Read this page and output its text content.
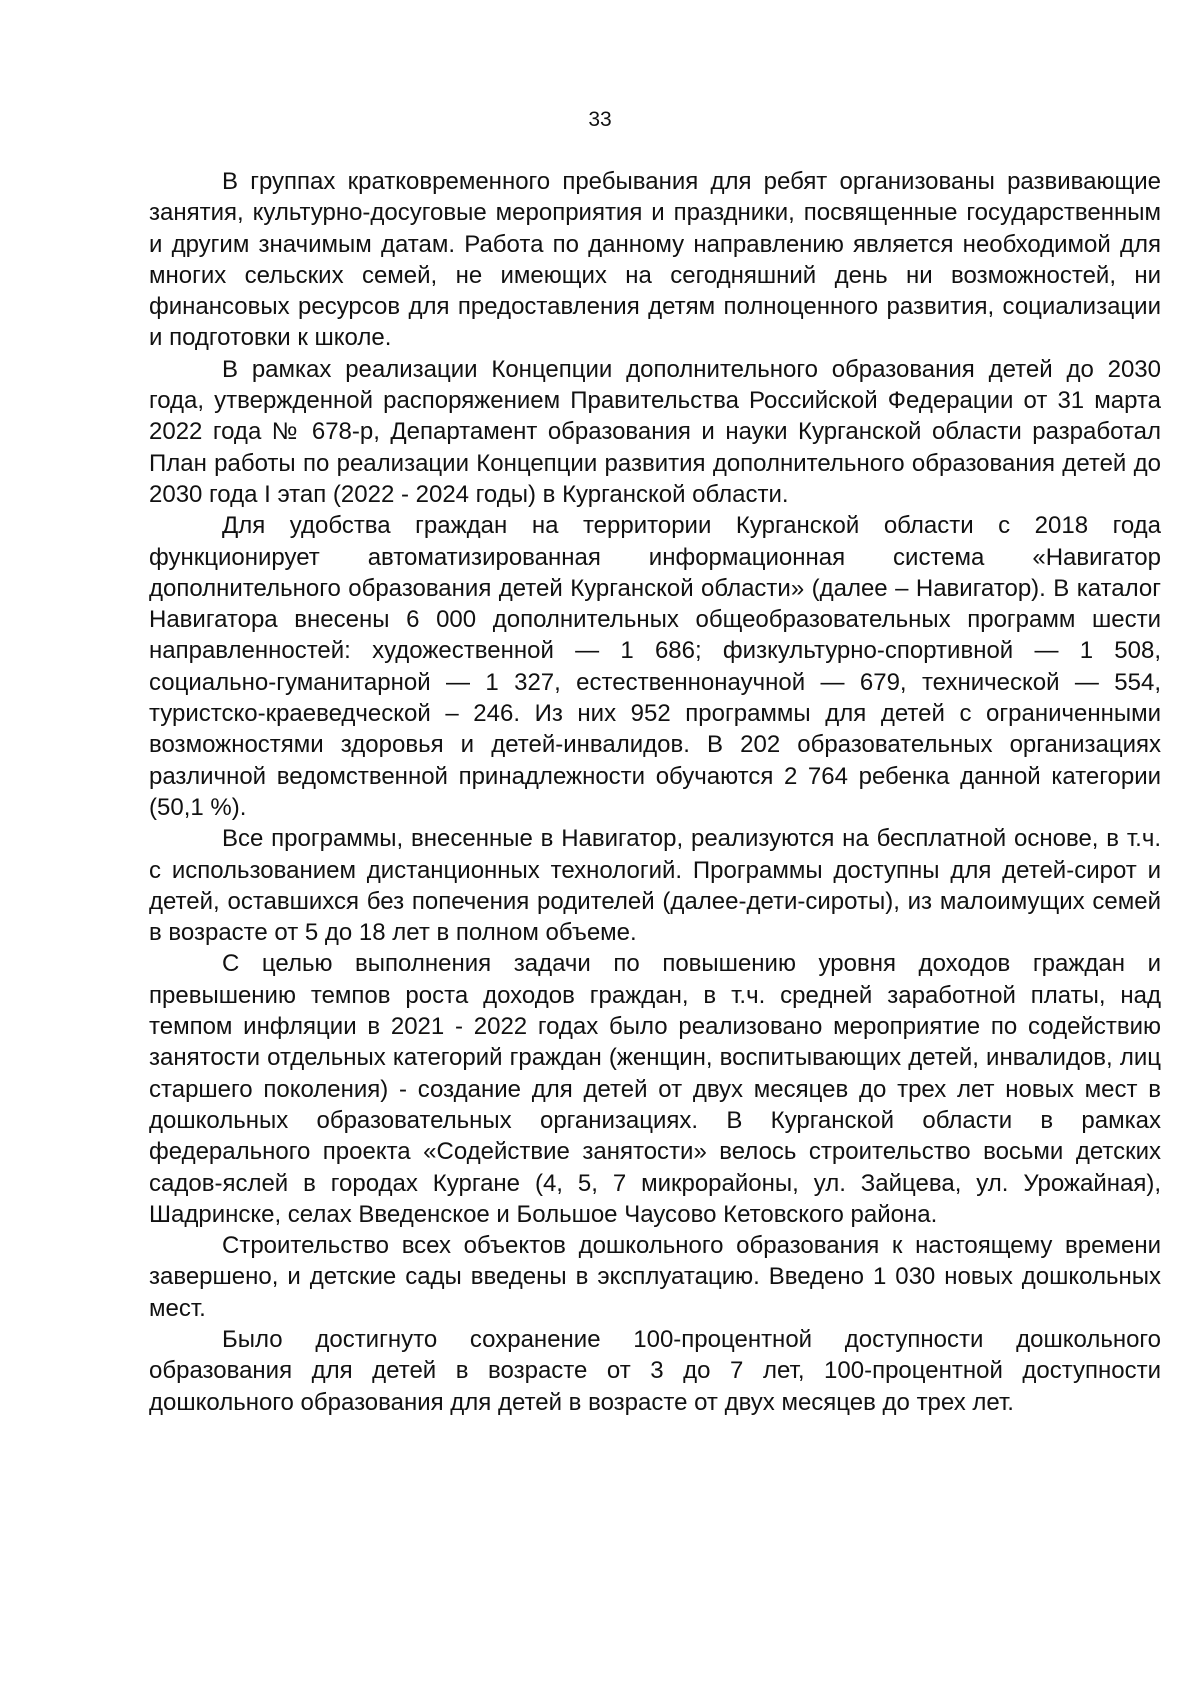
33

В группах кратковременного пребывания для ребят организованы развивающие занятия, культурно-досуговые мероприятия и праздники, посвященные государственным и другим значимым датам. Работа по данному направлению является необходимой для многих сельских семей, не имеющих на сегодняшний день ни возможностей, ни финансовых ресурсов для предоставления детям полноценного развития, социализации и подготовки к школе.

В рамках реализации Концепции дополнительного образования детей до 2030 года, утвержденной распоряжением Правительства Российской Федерации от 31 марта 2022 года № 678-р, Департамент образования и науки Курганской области разработал План работы по реализации Концепции развития дополнительного образования детей до 2030 года I этап (2022 - 2024 годы) в Курганской области.

Для удобства граждан на территории Курганской области с 2018 года функционирует автоматизированная информационная система «Навигатор дополнительного образования детей Курганской области» (далее – Навигатор). В каталог Навигатора внесены 6 000 дополнительных общеобразовательных программ шести направленностей: художественной — 1 686; физкультурно-спортивной — 1 508, социально-гуманитарной — 1 327, естественнонаучной — 679, технической — 554, туристско-краеведческой – 246. Из них 952 программы для детей с ограниченными возможностями здоровья и детей-инвалидов. В 202 образовательных организациях различной ведомственной принадлежности обучаются 2 764 ребенка данной категории (50,1 %).

Все программы, внесенные в Навигатор, реализуются на бесплатной основе, в т.ч. с использованием дистанционных технологий. Программы доступны для детей-сирот и детей, оставшихся без попечения родителей (далее-дети-сироты), из малоимущих семей в возрасте от 5 до 18 лет в полном объеме.

С целью выполнения задачи по повышению уровня доходов граждан и превышению темпов роста доходов граждан, в т.ч. средней заработной платы, над темпом инфляции в 2021 - 2022 годах было реализовано мероприятие по содействию занятости отдельных категорий граждан (женщин, воспитывающих детей, инвалидов, лиц старшего поколения) - создание для детей от двух месяцев до трех лет новых мест в дошкольных образовательных организациях. В Курганской области в рамках федерального проекта «Содействие занятости» велось строительство восьми детских садов-яслей в городах Кургане (4, 5, 7 микрорайоны, ул. Зайцева, ул. Урожайная), Шадринске, селах Введенское и Большое Чаусово Кетовского района.

Строительство всех объектов дошкольного образования к настоящему времени завершено, и детские сады введены в эксплуатацию. Введено 1 030 новых дошкольных мест.

Было достигнуто сохранение 100-процентной доступности дошкольного образования для детей в возрасте от 3 до 7 лет, 100-процентной доступности дошкольного образования для детей в возрасте от двух месяцев до трех лет.
